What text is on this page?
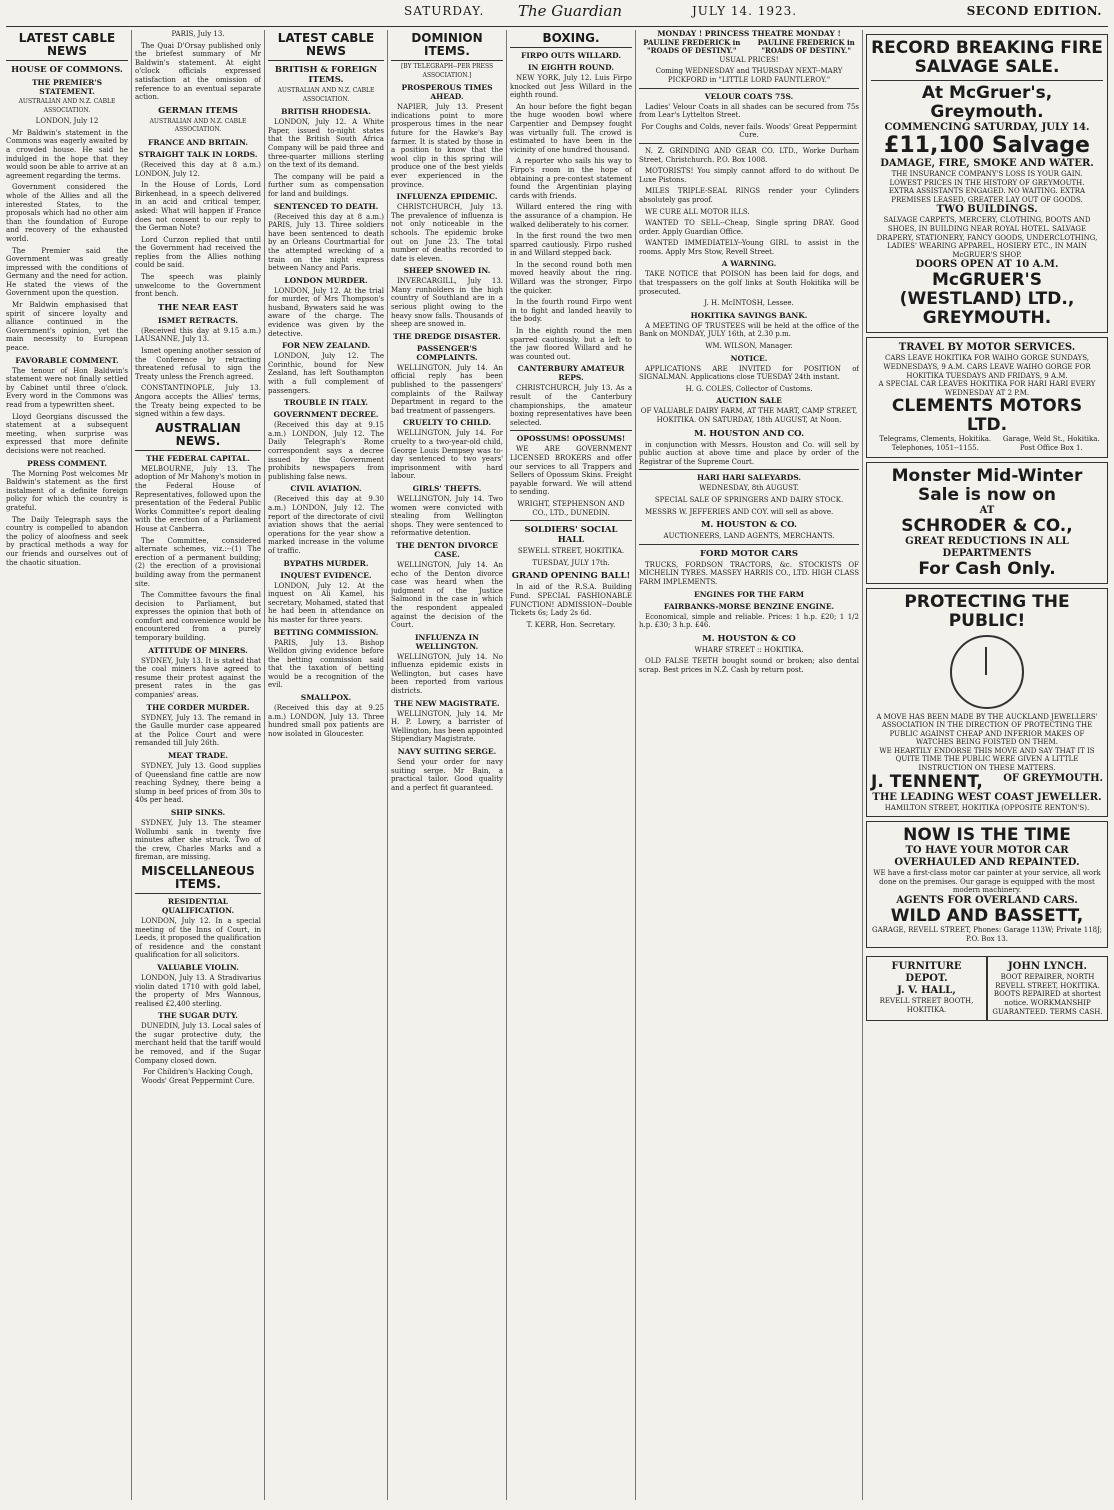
SATURDAY. The Guardian	JULY 14. 1923.	SECOND EDITION.
LATEST CABLE NEWS
HOUSE OF COMMONS.
THE PREMIER'S STATEMENT.
AUSTRALIAN AND N.Z. CABLE ASSOCIATION.

LONDON, July 12

Mr Baldwin's statement in the Commons was eagerly awaited by a crowded house. He said he indulged in the hope that they would soon be able to arrive at an agreement regarding the terms.

Government considered the whole of the Allies and all the interested States, to the proposals which had no other aim than the foundation of Europe and recovery of the exhausted world.

The Premier said the Government was greatly impressed with the conditions of Germany and the need for action. He stated the views of the Government upon the question.

Mr Baldwin emphasised that spirit of sincere loyalty and alliance continued in the Government's opinion, yet the main necessity to European peace.

FAVORABLE COMMENT.

The tenour of Hon Baldwin's statement were not finally settled by Cabinet until three o'clock. Every word in the Commons was read from a typewritten sheet.

Lloyd Georgians discussed the statement at a subsequent meeting, when surprise was expressed that more definite decisions were not reached.

PRESS COMMENT.

The Morning Post welcomes Mr Baldwin's statement as the first instalment of a definite foreign policy for which the country is grateful.

The Daily Telegraph says the country is compelled to abandon the policy of aloofness and seek by practical methods a way for our friends and ourselves out of the chaotic situation.

PARIS, July 13.

The Quai D'Orsay published only the briefest summary of Mr Baldwin's statement. At eight o'clock officials expressed satisfaction at the omission of reference to an eventual separate action.

GERMAN ITEMS
AUSTRALIAN AND N.Z. CABLE ASSOCIATION.
FRANCE AND BRITAIN.
STRAIGHT TALK IN LORDS.

(Received this day at 8 a.m.) LONDON, July 12.

In the House of Lords, Lord Birkenhead, in a speech delivered in an acid and critical temper, asked: What will happen if France does not consent to our reply to the German Note?

Lord Curzon replied that until the Government had received the replies from the Allies nothing could be said.

The speech was plainly unwelcome to the Government front bench.

THE NEAR EAST
ISMET RETRACTS.

(Received this day at 9.15 a.m.) LAUSANNE, July 13.

Ismet opening another session of the Conference by retracting threatened refusal to sign the Treaty unless the French agreed.

CONSTANTINOPLE, July 13. Angora accepts the Allies' terms, the Treaty being expected to be signed within a few days.

AUSTRALIAN NEWS.
THE FEDERAL CAPITAL.

MELBOURNE, July 13. The adoption of Mr Mahony's motion in the Federal House of Representatives, followed upon the presentation of the Federal Public Works Committee's report dealing with the erection of a Parliament House at Canberra.

The Committee, considered alternate schemes, viz.:--(1) The erection of a permanent building; (2) the erection of a provisional building away from the permanent site.

The Committee favours the final decision to Parliament, but expresses the opinion that both of comfort and convenience would be encountered from a purely temporary building.

ATTITUDE OF MINERS.

SYDNEY, July 13. It is stated that the coal miners have agreed to resume their protest against the present rates in the gas companies' areas.

THE CORDER MURDER.

SYDNEY, July 13. The remand in the Gaulle murder case appeared at the Police Court and were remanded till July 26th.

MEAT TRADE.

SYDNEY, July 13. Good supplies of Queensland fine cattle are now reaching Sydney, there being a slump in beef prices of from 30s to 40s per head.

SHIP SINKS.

SYDNEY, July 13. The steamer Wollumbi sank in twenty five minutes after she struck. Two of the crew, Charles Marks and a fireman, are missing.

MISCELLANEOUS ITEMS.
RESIDENTIAL QUALIFICATION.

LONDON, July 12. In a special meeting of the Inns of Court, in Leeds, it proposed the qualification of residence and the constant qualification for all solicitors.

VALUABLE VIOLIN.

LONDON, July 13. A Stradivarius violin dated 1710 with gold label, the property of Mrs Wannous, realised £2,400 sterling.

THE SUGAR DUTY.

DUNEDIN, July 13. Local sales of the sugar protective duty, the merchant held that the tariff would be removed, and if the Sugar Company closed down.

For Children's Hacking Cough, Woods' Great Peppermint Cure.

LATEST CABLE NEWS
BRITISH & FOREIGN ITEMS.
AUSTRALIAN AND N.Z. CABLE ASSOCIATION.
BRITISH RHODESIA.

LONDON, July 12. A White Paper, issued to-night states that the British South Africa Company will be paid three and three-quarter millions sterling on the text of its demand.

The company will be paid a further sum as compensation for land and buildings.

SENTENCED TO DEATH.

(Received this day at 8 a.m.) PARIS, July 13. Three soldiers have been sentenced to death by an Orleans Courtmartial for the attempted wrecking of a train on the night express between Nancy and Paris.

LONDON MURDER.

LONDON, July 12. At the trial for murder, of Mrs Thompson's husband, Bywaters said he was aware of the charge. The evidence was given by the detective.

FOR NEW ZEALAND.

LONDON, July 12. The Corinthic, bound for New Zealand, has left Southampton with a full complement of passengers.

TROUBLE IN ITALY.
GOVERNMENT DECREE.

(Received this day at 9.15 a.m.) LONDON, July 12. The Daily Telegraph's Rome correspondent says a decree issued by the Government prohibits newspapers from publishing false news.

CIVIL AVIATION.

(Received this day at 9.30 a.m.) LONDON, July 12. The report of the directorate of civil aviation shows that the aerial operations for the year show a marked increase in the volume of traffic.

BYPATHS MURDER.
INQUEST EVIDENCE.

LONDON, July 12. At the inquest on Ali Kamel, his secretary, Mohamed, stated that he had been in attendance on his master for three years.

BETTING COMMISSION.

PARIS, July 13. Bishop Welldon giving evidence before the betting commission said that the taxation of betting would be a recognition of the evil.

SMALLPOX.

(Received this day at 9.25 a.m.) LONDON, July 13. Three hundred small pox patients are now isolated in Gloucester.

DOMINION ITEMS.
[BY TELEGRAPH--PER PRESS ASSOCIATION.]
PROSPEROUS TIMES AHEAD.

NAPIER, July 13. Present indications point to more prosperous times in the near future for the Hawke's Bay farmer. It is stated by those in a position to know that the wool clip in this spring will produce one of the best yields ever experienced in the province.

INFLUENZA EPIDEMIC.

CHRISTCHURCH, July 13. The prevalence of influenza is not only noticeable in the schools. The epidemic broke out on June 23. The total number of deaths recorded to date is eleven.

SHEEP SNOWED IN.

INVERCARGILL, July 13. Many runholders in the high country of Southland are in a serious plight owing to the heavy snow falls. Thousands of sheep are snowed in.

THE DREDGE DISASTER.
PASSENGER'S COMPLAINTS.

WELLINGTON, July 14. An official reply has been published to the passengers' complaints of the Railway Department in regard to the bad treatment of passengers.

CRUELTY TO CHILD.

WELLINGTON, July 14. For cruelty to a two-year-old child, George Louis Dempsey was to-day sentenced to two years' imprisonment with hard labour.

GIRLS' THEFTS.

WELLINGTON, July 14. Two women were convicted with stealing from Wellington shops. They were sentenced to reformative detention.

THE DENTON DIVORCE CASE.

WELLINGTON, July 14. An echo of the Denton divorce case was heard when the judgment of the Justice Salmond in the case in which the respondent appealed against the decision of the Court.

INFLUENZA IN WELLINGTON.

WELLINGTON, July 14. No influenza epidemic exists in Wellington, but cases have been reported from various districts.

THE NEW MAGISTRATE.

WELLINGTON, July 14. Mr H. P. Lowry, a barrister of Wellington, has been appointed Stipendiary Magistrate.

NAVY SUITING SERGE.

Send your order for navy suiting serge. Mr Bain, a practical tailor. Good quality and a perfect fit guaranteed.

BOXING.
FIRPO OUTS WILLARD.
IN EIGHTH ROUND.

NEW YORK, July 12. Luis Firpo knocked out Jess Willard in the eighth round.

An hour before the fight began the huge wooden bowl where Carpentier and Dempsey fought was virtually full. The crowd is estimated to have been in the vicinity of one hundred thousand.

A reporter who sails his way to Firpo's room in the hope of obtaining a pre-contest statement found the Argentinian playing cards with friends.

Willard entered the ring with the assurance of a champion. He walked deliberately to his corner.

In the first round the two men sparred cautiously. Firpo rushed in and Willard stepped back.

In the second round both men moved heavily about the ring. Willard was the stronger, Firpo the quicker.

In the fourth round Firpo went in to fight and landed heavily to the body.

In the eighth round the men sparred cautiously, but a left to the jaw floored Willard and he was counted out.

CANTERBURY AMATEUR REPS.

CHRISTCHURCH, July 13. As a result of the Canterbury championships, the amateur boxing representatives have been selected.

OPOSSUMS! OPOSSUMS!

WE ARE GOVERNMENT LICENSED BROKERS and offer our services to all Trappers and Sellers of Opossum Skins. Freight payable forward. We will attend to sending.

WRIGHT, STEPHENSON AND CO., LTD., DUNEDIN.

SOLDIERS' SOCIAL HALL

SEWELL STREET, HOKITIKA.

TUESDAY, JULY 17th.

GRAND OPENING BALL!

In aid of the R.S.A. Building Fund. SPECIAL FASHIONABLE FUNCTION! ADMISSION--Double Tickets 6s; Lady 2s 6d.

T. KERR, Hon. Secretary.

MONDAY ! PRINCESS THEATRE MONDAY !
PAULINE FREDERICK in "ROADS OF DESTINY."
PAULINE FREDERICK in "ROADS OF DESTINY."

USUAL PRICES!

Coming WEDNESDAY and THURSDAY NEXT--MARY PICKFORD in "LITTLE LORD FAUNTLEROY."

VELOUR COATS 75S.

Ladies' Velour Coats in all shades can be secured from 75s from Lear's Lyttelton Street.

For Coughs and Colds, never fails. Woods' Great Peppermint Cure.

N. Z. GRINDING AND GEAR CO. LTD., Worke Durham Street, Christchurch. P.O. Box 1008.

MOTORISTS! You simply cannot afford to do without De Luxe Pistons.

MILES TRIPLE-SEAL RINGS render your Cylinders absolutely gas proof.

WE CURE ALL MOTOR ILLS.

WANTED TO SELL--Cheap, Single spring DRAY. Good order. Apply Guardian Office.

WANTED IMMEDIATELY--Young GIRL to assist in the rooms. Apply Mrs Stow, Revell Street.

A WARNING.

TAKE NOTICE that POISON has been laid for dogs, and that trespassers on the golf links at South Hokitika will be prosecuted.

J. H. McINTOSH, Lessee.

HOKITIKA SAVINGS BANK.

A MEETING OF TRUSTEES will be held at the office of the Bank on MONDAY, JULY 16th, at 2.30 p.m.

WM. WILSON, Manager.

NOTICE.

APPLICATIONS ARE INVITED for POSITION of SIGNALMAN. Applications close TUESDAY 24th instant.

H. G. COLES, Collector of Customs.

AUCTION SALE

OF VALUABLE DAIRY FARM, AT THE MART, CAMP STREET, HOKITIKA. ON SATURDAY, 18th AUGUST, At Noon.

M. HOUSTON AND CO.

in conjunction with Messrs. Houston and Co. will sell by public auction at above time and place by order of the Registrar of the Supreme Court.

HARI HARI SALEYARDS.

WEDNESDAY, 8th AUGUST.

SPECIAL SALE OF SPRINGERS AND DAIRY STOCK.

MESSRS W. JEFFERIES AND COY. will sell as above.

M. HOUSTON & CO.

AUCTIONEERS, LAND AGENTS, MERCHANTS.

FORD MOTOR CARS

TRUCKS, FORDSON TRACTORS, &c. STOCKISTS OF MICHELIN TYRES. MASSEY HARRIS CO., LTD. HIGH CLASS FARM IMPLEMENTS.

ENGINES FOR THE FARM
FAIRBANKS-MORSE BENZINE ENGINE.

Economical, simple and reliable. Prices: 1 h.p. £20; 1 1/2 h.p. £30; 3 h.p. £46.

M. HOUSTON & CO

WHARF STREET :: HOKITIKA.

OLD FALSE TEETH bought sound or broken; also dental scrap. Best prices in N.Z. Cash by return post.

RECORD BREAKING FIRE SALVAGE SALE.
At McGruer's, Greymouth.
COMMENCING SATURDAY, JULY 14.
£11,100 Salvage
DAMAGE, FIRE, SMOKE AND WATER.
THE INSURANCE COMPANY'S LOSS IS YOUR GAIN.
LOWEST PRICES IN THE HISTORY OF GREYMOUTH.
EXTRA ASSISTANTS ENGAGED. NO WAITING. EXTRA PREMISES LEASED, GREATER LAY OUT OF GOODS.
TWO BUILDINGS.
SALVAGE CARPETS, MERCERY, CLOTHING, BOOTS AND SHOES, IN BUILDING NEAR ROYAL HOTEL. SALVAGE DRAPERY, STATIONERY, FANCY GOODS, UNDERCLOTHING, LADIES' WEARING APPAREL, HOSIERY ETC., IN MAIN McGRUER'S SHOP.
DOORS OPEN AT 10 A.M.
McGRUER'S (WESTLAND) LTD., GREYMOUTH.
TRAVEL BY MOTOR SERVICES.
CARS LEAVE HOKITIKA FOR WAIHO GORGE SUNDAYS, WEDNESDAYS, 9 A.M. CARS LEAVE WAIHO GORGE FOR HOKITIKA TUESDAYS AND FRIDAYS, 9 A.M.
A SPECIAL CAR LEAVES HOKITIKA FOR HARI HARI EVERY WEDNESDAY AT 2 P.M.
CLEMENTS MOTORS LTD.
Telegrams, Clements, Hokitika. Telephones, 1051--1155.
Garage, Weld St., Hokitika. Post Office Box 1.
Monster Mid-Winter Sale is now on
AT
SCHRODER & CO.,
GREAT REDUCTIONS IN ALL DEPARTMENTS
For Cash Only.
PROTECTING THE PUBLIC!
A MOVE HAS BEEN MADE BY THE AUCKLAND JEWELLERS' ASSOCIATION IN THE DIRECTION OF PROTECTING THE PUBLIC AGAINST CHEAP AND INFERIOR MAKES OF WATCHES BEING FOISTED ON THEM.
WE HEARTILY ENDORSE THIS MOVE AND SAY THAT IT IS QUITE TIME THE PUBLIC WERE GIVEN A LITTLE INSTRUCTION ON THESE MATTERS.
J. TENNENT, OF GREYMOUTH.
THE LEADING WEST COAST JEWELLER.
HAMILTON STREET, HOKITIKA (OPPOSITE RENTON'S).
NOW IS THE TIME
TO HAVE YOUR MOTOR CAR OVERHAULED AND REPAINTED.
WE have a first-class motor car painter at your service, all work done on the premises. Our garage is equipped with the most modern machinery.
AGENTS FOR OVERLAND CARS.
WILD AND BASSETT,
GARAGE, REVELL STREET, Phones: Garage 113W; Private 118J; P.O. Box 13.
FURNITURE DEPOT.
J. V. HALL,
REVELL STREET BOOTH, HOKITIKA.
JOHN LYNCH.
BOOT REPAIRER, NORTH REVELL STREET, HOKITIKA.
BOOTS REPAIRED at shortest notice. WORKMANSHIP GUARANTEED. TERMS CASH.
